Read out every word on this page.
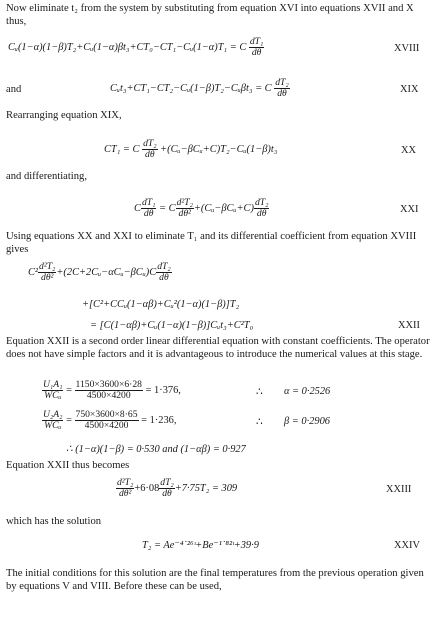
Now eliminate t₂ from the system by substituting from equation XVI into equations XVII and X thus,

Cᵤ(1−α)(1−β)T₂+Cᵤ(1−α)βt₃+CT₀−CT₁−Cᵤ(1−α)T₁ = C $\frac{\text{dT₁}}{d\theta}$	XVIII
and	Cᵤt₃+CT₁−CT₂−Cᵤ(1−β)T₂−Cᵤβt₃ = C $\frac{\text{dT₂}}{d\theta}$	XIX

Rearranging equation XIX,

CT₁ = C $\frac{\text{dT₂}}{d\theta}$ +(Cᵤ−βCᵤ+C)T₂−Cᵤ(1−β)t₃	XX

and differentiating,

C $\frac{\text{dT₁}}{d\theta} = C \frac{\text{d²T₂}}{\text{dθ²}}$ +(Cᵤ−βCᵤ+C) $\frac{\text{dT₂}}{d\theta}$	XXI

Using equations XX and XXI to eliminate T₁ and its differential coefficient from equation XVIII gives

$C^2 \frac{\text{d²T₂}}{\text{dθ²}}$ +(2C+2Cᵤ−αCᵤ−βCᵤ)C $\frac{\text{dT₂}}{d\theta}$
+[C²+CCᵤ(1−αβ)+Cᵤ²(1−α)(1−β)]T₂
= [C(1−αβ)+Cᵤ(1−α)(1−β)]Cᵤt₃+C²T₀	XXII

Equation XXII is a second order linear differential equation with constant coefficients. The operator does not have simple factors and it is advantageous to introduce the numerical values at this stage.

U₁A₁
WCᵤ = $\frac{1150\times 3600\times 6\cdot 28}{4500\times 4200} = 1\cdot 376$,	∴ α = 0·2526
U₂A₂
WCᵤ = $\frac{750\times 3600\times 8\cdot 65}{4500\times 4200} = 1\cdot 236$,	∴ β = 0·2906
∴ (1−α)(1−β) = 0·530 and (1−αβ) = 0·927

Equation XXII thus becomes

$\frac{\text{d²T₂}}{\text{dθ²}} +6\cdot 08 \frac{\text{dT₂}}{d\theta} +7\cdot 75T_2 = 309$	XXIII

which has the solution

T₂ = Ae⁻⁴˙²⁶ᶥ+Be⁻¹˙⁸²ᶥ+39·9	XXIV

The initial conditions for this solution are the final temperatures from the previous operation given by equations V and VIII. Before these can be used,
